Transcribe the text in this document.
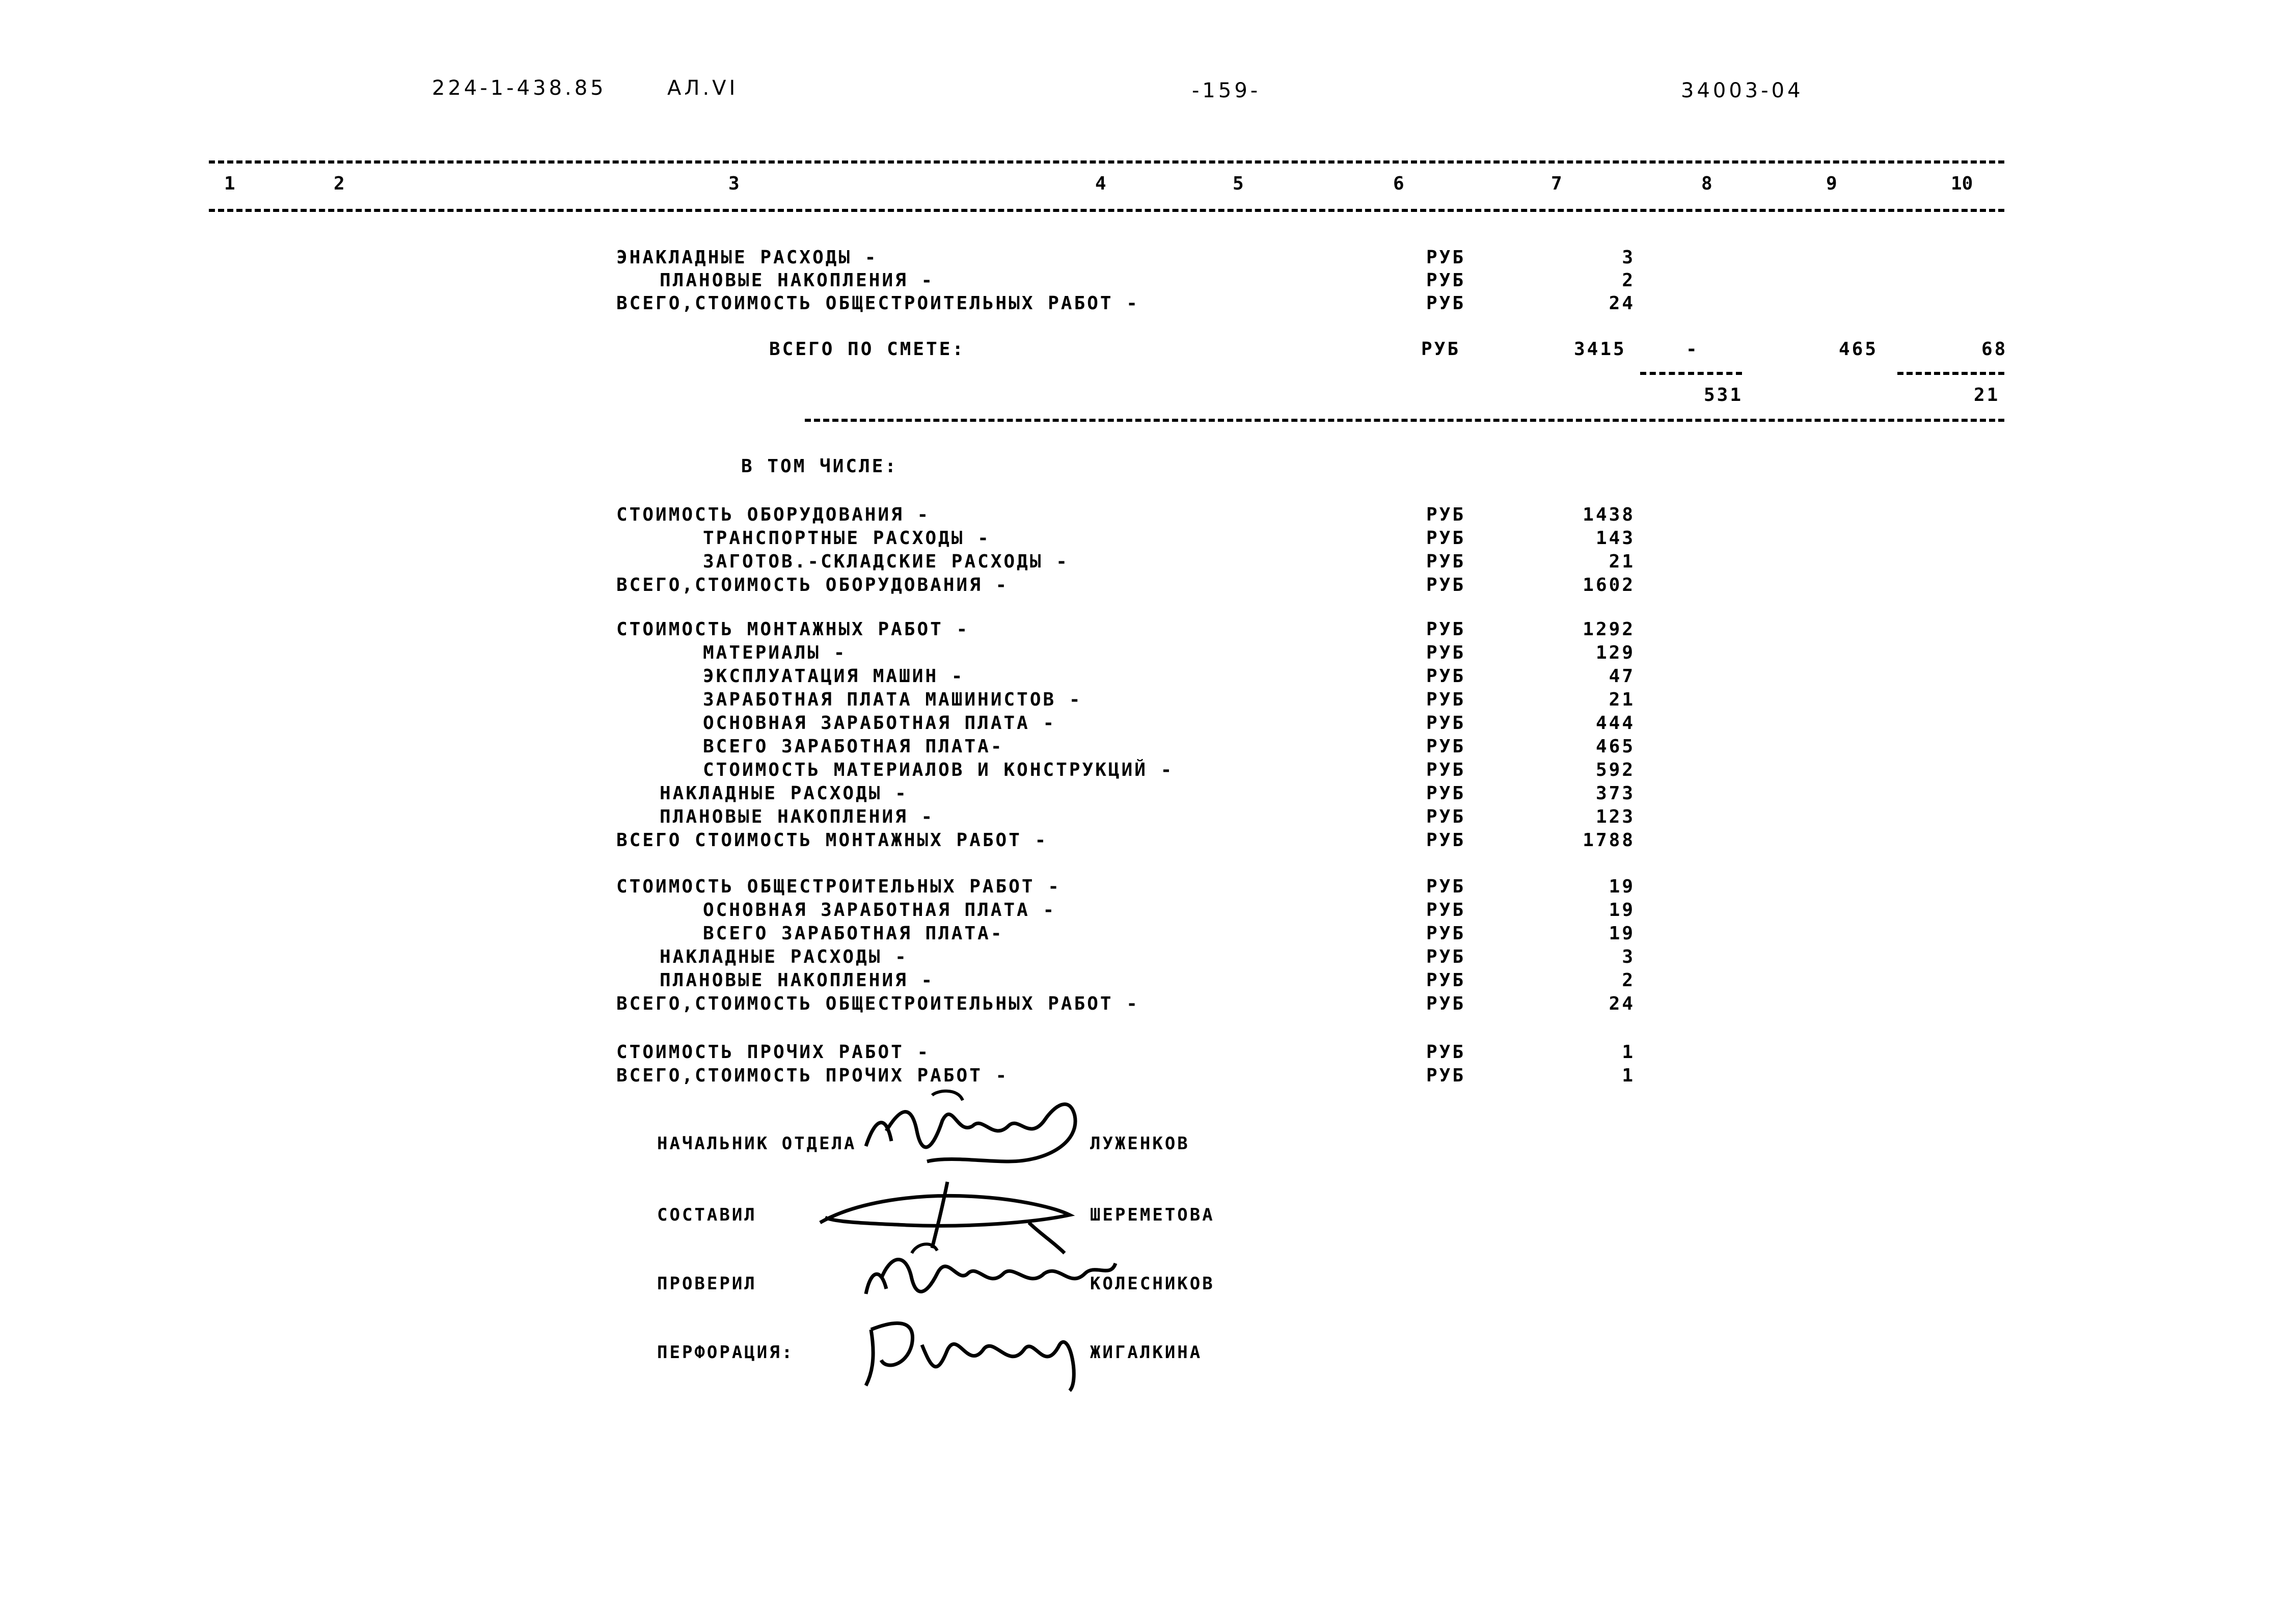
224-1-438.85	АЛ.VI	-159-	34003-04
1	2	3	4	5	6	7	8	9	10
ЭНАКЛАДНЫЕ РАСХОДЫ -	РУБ	3
ПЛАНОВЫЕ НАКОПЛЕНИЯ -	РУБ	2
ВСЕГО,СТОИМОСТЬ ОБЩЕСТРОИТЕЛЬНЫХ РАБОТ -	РУБ	24
ВСЕГО ПО СМЕТЕ:	РУБ	3415	-	465	68
531	21
В ТОМ ЧИСЛЕ:
СТОИМОСТЬ ОБОРУДОВАНИЯ -	РУБ	1438
ТРАНСПОРТНЫЕ РАСХОДЫ -	РУБ	143
ЗАГОТОВ.-СКЛАДСКИЕ РАСХОДЫ -	РУБ	21
ВСЕГО,СТОИМОСТЬ ОБОРУДОВАНИЯ -	РУБ	1602
СТОИМОСТЬ МОНТАЖНЫХ РАБОТ -	РУБ	1292
МАТЕРИАЛЫ -	РУБ	129
ЭКСПЛУАТАЦИЯ МАШИН -	РУБ	47
ЗАРАБОТНАЯ ПЛАТА МАШИНИСТОВ -	РУБ	21
ОСНОВНАЯ ЗАРАБОТНАЯ ПЛАТА -	РУБ	444
ВСЕГО ЗАРАБОТНАЯ ПЛАТА-	РУБ	465
СТОИМОСТЬ МАТЕРИАЛОВ И КОНСТРУКЦИЙ -	РУБ	592
НАКЛАДНЫЕ РАСХОДЫ -	РУБ	373
ПЛАНОВЫЕ НАКОПЛЕНИЯ -	РУБ	123
ВСЕГО СТОИМОСТЬ МОНТАЖНЫХ РАБОТ -	РУБ	1788
СТОИМОСТЬ ОБЩЕСТРОИТЕЛЬНЫХ РАБОТ -	РУБ	19
ОСНОВНАЯ ЗАРАБОТНАЯ ПЛАТА -	РУБ	19
ВСЕГО ЗАРАБОТНАЯ ПЛАТА-	РУБ	19
НАКЛАДНЫЕ РАСХОДЫ -	РУБ	3
ПЛАНОВЫЕ НАКОПЛЕНИЯ -	РУБ	2
ВСЕГО,СТОИМОСТЬ ОБЩЕСТРОИТЕЛЬНЫХ РАБОТ -	РУБ	24
СТОИМОСТЬ ПРОЧИХ РАБОТ -	РУБ	1
ВСЕГО,СТОИМОСТЬ ПРОЧИХ РАБОТ -	РУБ	1
НАЧАЛЬНИК ОТДЕЛА	ЛУЖЕНКОВ
СОСТАВИЛ	ШЕРЕМЕТОВА
ПРОВЕРИЛ	КОЛЕСНИКОВ
ПЕРФОРАЦИЯ:	ЖИГАЛКИНА
